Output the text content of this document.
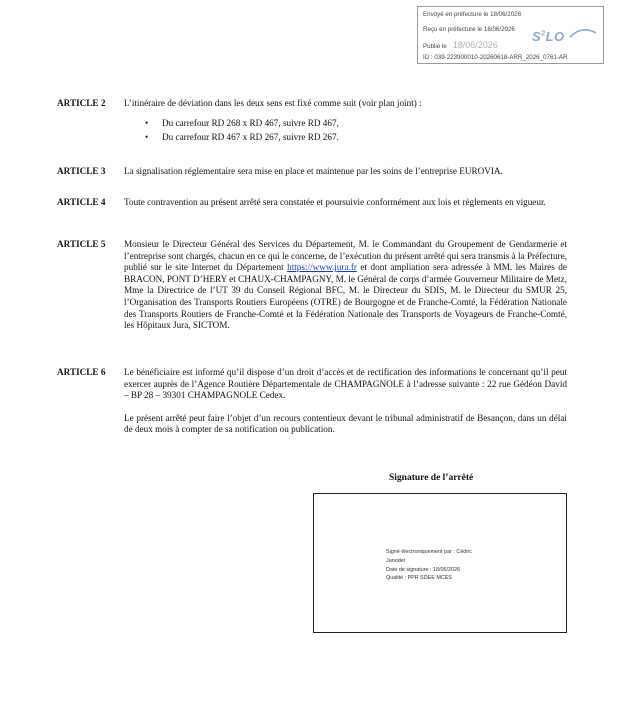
Envoyé en préfecture le 18/06/2026
Reçu en préfecture le 18/06/2026
Publié le 18/06/2026
ID : 039-223900010-20260618-ARR_2026_0761-AR
$S^2LO$
ARTICLE 2 L’itinéraire de déviation dans les deux sens est fixé comme suit (voir plan joint) :

• Du carrefour RD 268 x RD 467, suivre RD 467,
• Du carrefour RD 467 x RD 267, suivre RD 267.
ARTICLE 3 La signalisation réglementaire sera mise en place et maintenue par les soins de l’entreprise EUROVIA.

ARTICLE 4 Toute contravention au présent arrêté sera constatée et poursuivie conformément aux lois et règlements en vigueur.

ARTICLE 5 Monsieur le Directeur Général des Services du Département, M. le Commandant du Groupement de Gendarmerie et l’entreprise sont chargés, chacun en ce qui le concerne, de l’exécution du présent arrêté qui sera transmis à la Préfecture, publié sur le site Internet du Département https://www.jura.fr et dont ampliation sera adressée à MM. les Maires de BRACON, PONT D’HERY et CHAUX-CHAMPAGNY, M. le Général de corps d’armée Gouverneur Militaire de Metz, Mme la Directrice de l’UT 39 du Conseil Régional BFC, M. le Directeur du SDIS, M. le Directeur du SMUR 25, l’Organisation des Transports Routiers Européens (OTRE) de Bourgogne et de Franche-Comté, la Fédération Nationale des Transports Routiers de Franche-Comté et la Fédération Nationale des Transports de Voyageurs de Franche-Comté, les Hôpitaux Jura, SICTOM.

ARTICLE 6 Le bénéficiaire est informé qu’il dispose d’un droit d’accès et de rectification des informations le concernant qu’il peut exercer auprès de l’Agence Routière Départementale de CHAMPAGNOLE à l’adresse suivante : 22 rue Gédéon David – BP 28 – 39301 CHAMPAGNOLE Cedex.

Le présent arrêté peut faire l’objet d’un recours contentieux devant le tribunal administratif de Besançon, dans un délai de deux mois à compter de sa notification ou publication.

Signature de l’arrêté
Signé électroniquement par : Cédric
Janodet
Date de signature : 18/06/2026
Qualité : PPR SDEE MCES
